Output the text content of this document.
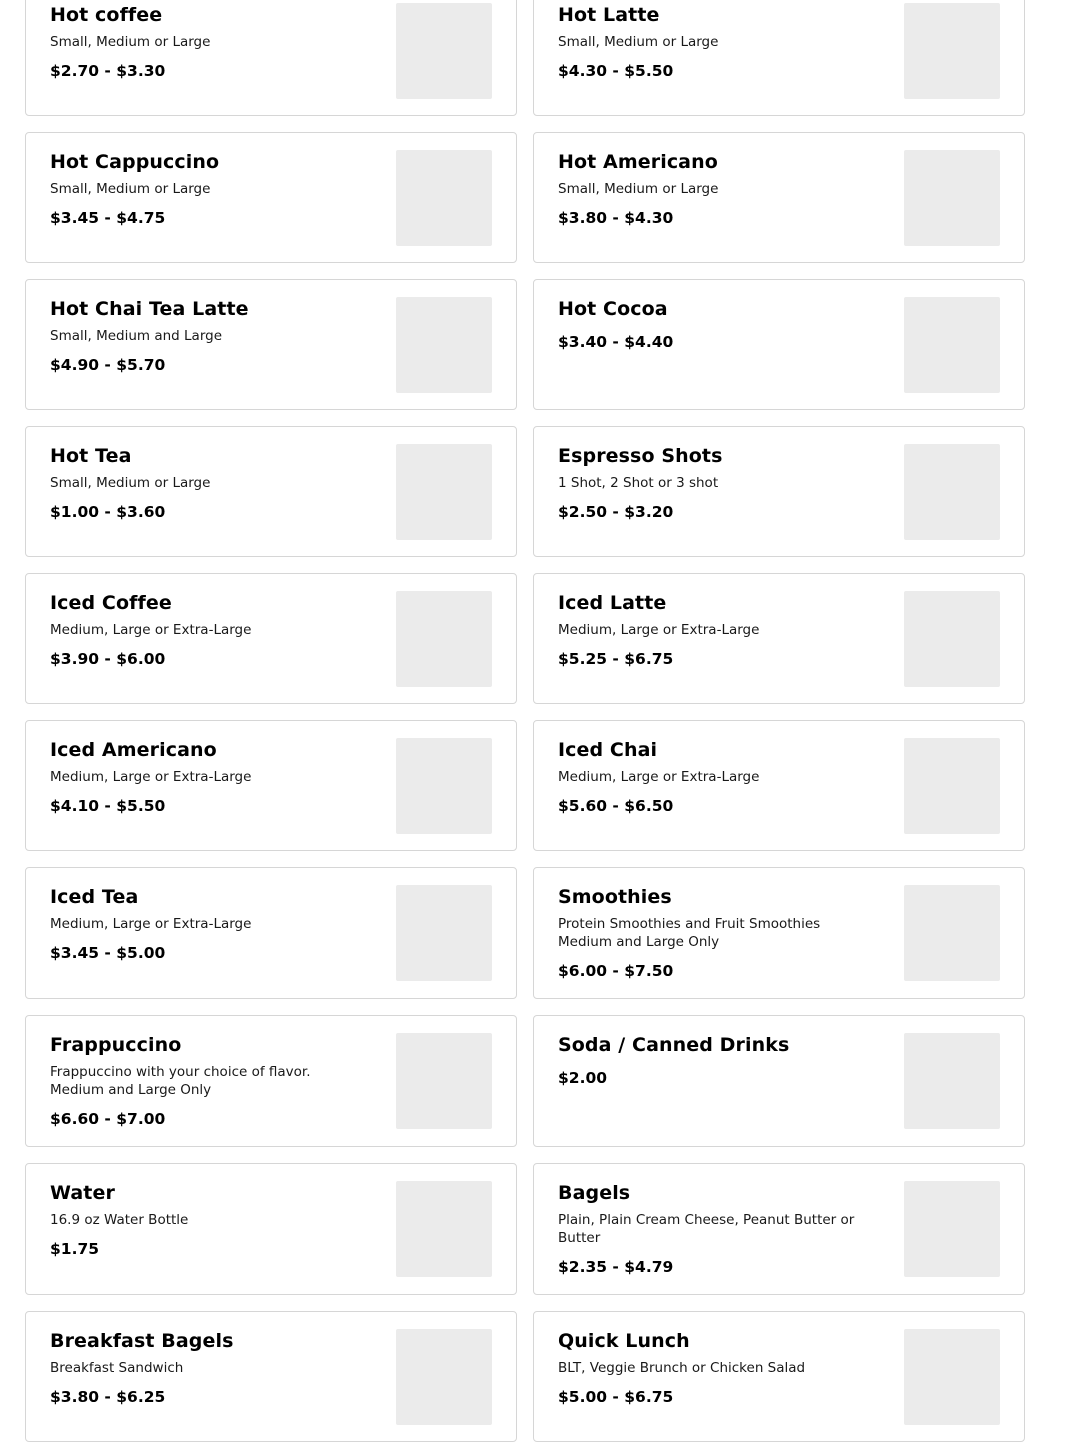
Hot coffee
Small, Medium or Large
$2.70 - $3.30
Hot Latte
Small, Medium or Large
$4.30 - $5.50
Hot Cappuccino
Small, Medium or Large
$3.45 - $4.75
Hot Americano
Small, Medium or Large
$3.80 - $4.30
Hot Chai Tea Latte
Small, Medium and Large
$4.90 - $5.70
Hot Cocoa
$3.40 - $4.40
Hot Tea
Small, Medium or Large
$1.00 - $3.60
Espresso Shots
1 Shot, 2 Shot or 3 shot
$2.50 - $3.20
Iced Coffee
Medium, Large or Extra-Large
$3.90 - $6.00
Iced Latte
Medium, Large or Extra-Large
$5.25 - $6.75
Iced Americano
Medium, Large or Extra-Large
$4.10 - $5.50
Iced Chai
Medium, Large or Extra-Large
$5.60 - $6.50
Iced Tea
Medium, Large or Extra-Large
$3.45 - $5.00
Smoothies
Protein Smoothies and Fruit Smoothies Medium and Large Only
$6.00 - $7.50
Frappuccino
Frappuccino with your choice of flavor. Medium and Large Only
$6.60 - $7.00
Soda / Canned Drinks
$2.00
Water
16.9 oz Water Bottle
$1.75
Bagels
Plain, Plain Cream Cheese, Peanut Butter or Butter
$2.35 - $4.79
Breakfast Bagels
Breakfast Sandwich
$3.80 - $6.25
Quick Lunch
BLT, Veggie Brunch or Chicken Salad
$5.00 - $6.75
